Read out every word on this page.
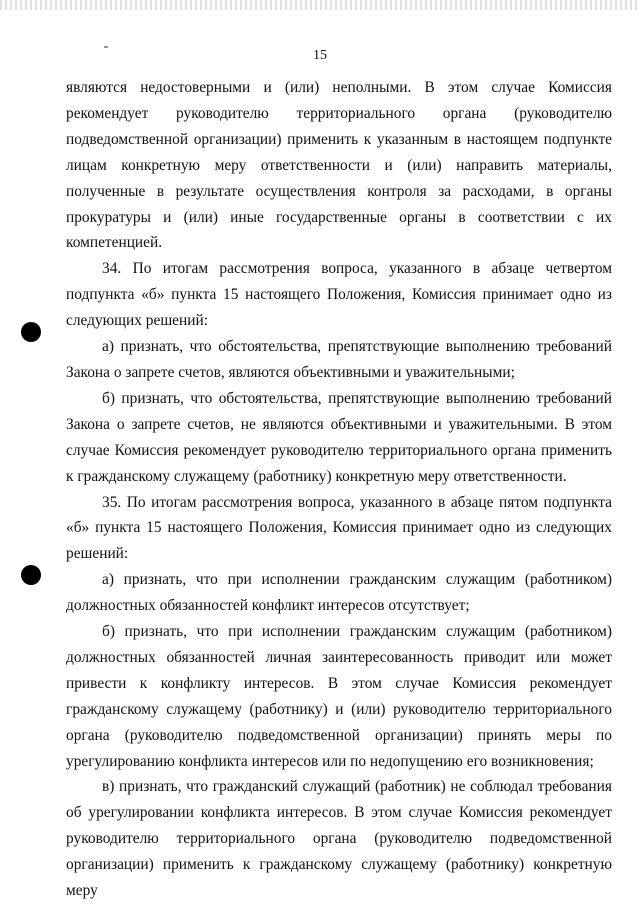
15

являются недостоверными и (или) неполными. В этом случае Комиссия рекомендует руководителю территориального органа (руководителю подведомственной организации) применить к указанным в настоящем подпункте лицам конкретную меру ответственности и (или) направить материалы, полученные в результате осуществления контроля за расходами, в органы прокуратуры и (или) иные государственные органы в соответствии с их компетенцией.

34. По итогам рассмотрения вопроса, указанного в абзаце четвертом подпункта «б» пункта 15 настоящего Положения, Комиссия принимает одно из следующих решений:

а) признать, что обстоятельства, препятствующие выполнению требований Закона о запрете счетов, являются объективными и уважительными;

б) признать, что обстоятельства, препятствующие выполнению требований Закона о запрете счетов, не являются объективными и уважительными. В этом случае Комиссия рекомендует руководителю территориального органа применить к гражданскому служащему (работнику) конкретную меру ответственности.

35. По итогам рассмотрения вопроса, указанного в абзаце пятом подпункта «б» пункта 15 настоящего Положения, Комиссия принимает одно из следующих решений:

а) признать, что при исполнении гражданским служащим (работником) должностных обязанностей конфликт интересов отсутствует;

б) признать, что при исполнении гражданским служащим (работником) должностных обязанностей личная заинтересованность приводит или может привести к конфликту интересов. В этом случае Комиссия рекомендует гражданскому служащему (работнику) и (или) руководителю территориального органа (руководителю подведомственной организации) принять меры по урегулированию конфликта интересов или по недопущению его возникновения;

в) признать, что гражданский служащий (работник) не соблюдал требования об урегулировании конфликта интересов. В этом случае Комиссия рекомендует руководителю территориального органа (руководителю подведомственной организации) применить к гражданскому служащему (работнику) конкретную меру
